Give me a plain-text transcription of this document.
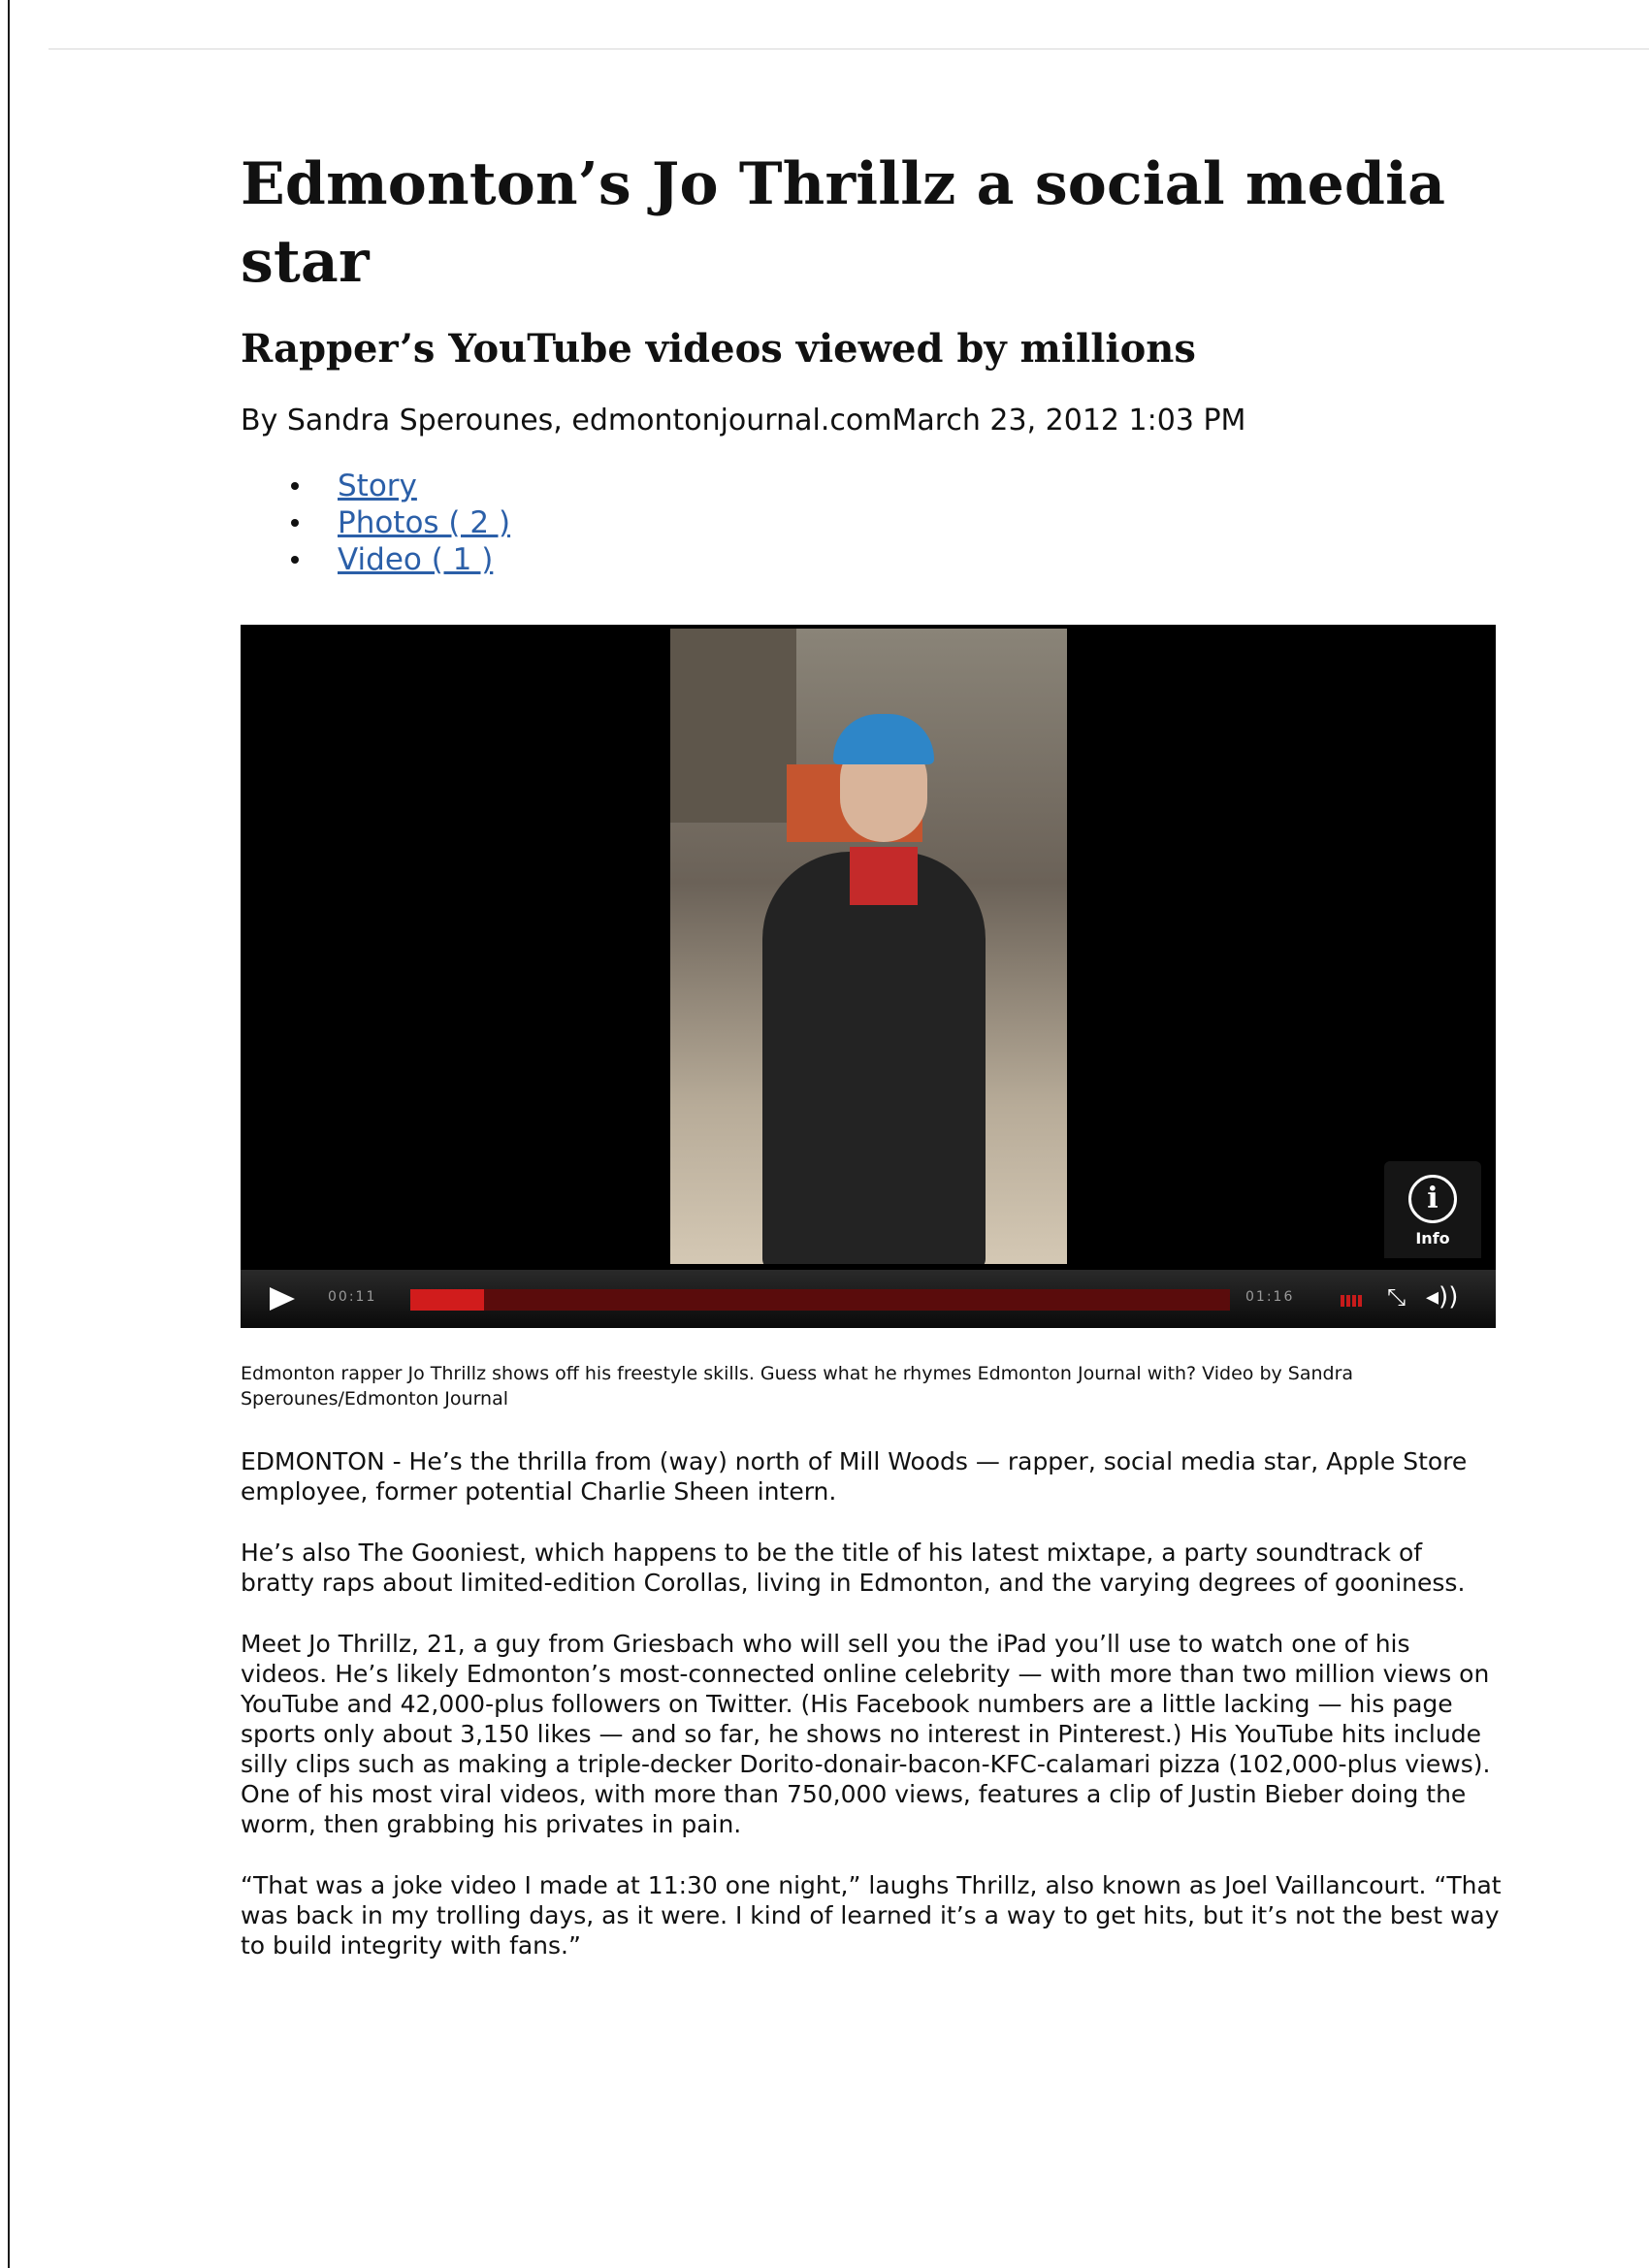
Edmonton’s Jo Thrillz a social media star
Rapper’s YouTube videos viewed by millions
By Sandra Sperounes, edmontonjournal.comMarch 23, 2012 1:03 PM
Story
Photos ( 2 )
Video ( 1 )
i
Info
00:11	01:16	⤡ ◂))
Edmonton rapper Jo Thrillz shows off his freestyle skills. Guess what he rhymes Edmonton Journal with? Video by Sandra Sperounes/Edmonton Journal

EDMONTON - He’s the thrilla from (way) north of Mill Woods — rapper, social media star, Apple Store employee, former potential Charlie Sheen intern.

He’s also The Gooniest, which happens to be the title of his latest mixtape, a party soundtrack of bratty raps about limited-edition Corollas, living in Edmonton, and the varying degrees of gooniness.

Meet Jo Thrillz, 21, a guy from Griesbach who will sell you the iPad you’ll use to watch one of his videos. He’s likely Edmonton’s most-connected online celebrity — with more than two million views on YouTube and 42,000-plus followers on Twitter. (His Facebook numbers are a little lacking — his page sports only about 3,150 likes — and so far, he shows no interest in Pinterest.) His YouTube hits include silly clips such as making a triple-decker Dorito-donair-bacon-KFC-calamari pizza (102,000-plus views). One of his most viral videos, with more than 750,000 views, features a clip of Justin Bieber doing the worm, then grabbing his privates in pain.

“That was a joke video I made at 11:30 one night,” laughs Thrillz, also known as Joel Vaillancourt. “That was back in my trolling days, as it were. I kind of learned it’s a way to get hits, but it’s not the best way to build integrity with fans.”
